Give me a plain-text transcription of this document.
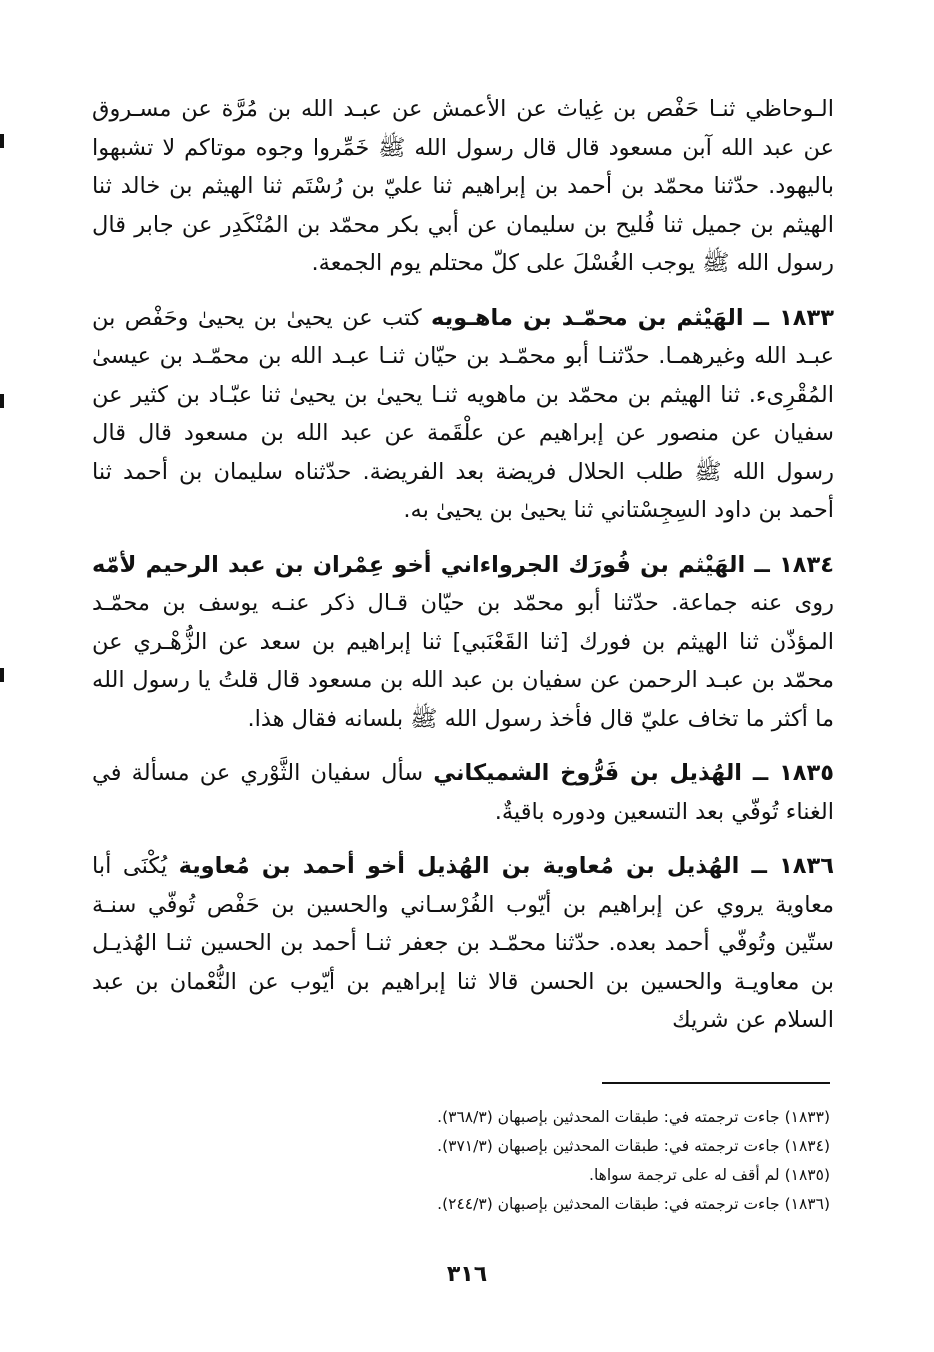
الـوحاظي ثنـا حَفْص بن غِياث عن الأعمش عن عبـد الله بن مُرَّة عن مسـروق عن عبد الله آبن مسعود قال قال رسول الله ﷺ خَمِّروا وجوه موتاكم لا تشبهوا باليهود. حدّثنا محمّد بن أحمد بن إبراهيم ثنا عليّ بن رُسْتَم ثنا الهيثم بن خالد ثنا الهيثم بن جميل ثنا فُليح بن سليمان عن أبي بكر محمّد بن المُنْكَدِر عن جابر قال رسول الله ﷺ يوجب الغُسْلَ على كلّ محتلم يوم الجمعة.

١٨٣٣ ــ الهَيْثم بن محمّـد بن ماهـويه كتب عن يحيىٰ بن يحيىٰ وحَفْص بن عبـد الله وغيرهمـا. حدّثنـا أبو محمّـد بن حيّان ثنـا عبـد الله بن محمّـد بن عيسىٰ المُقْرِىء. ثنا الهيثم بن محمّد بن ماهويه ثنـا يحيىٰ بن يحيىٰ ثنا عبّـاد بن كثير عن سفيان عن منصور عن إبراهيم عن علْقَمة عن عبد الله بن مسعود قال قال رسول الله ﷺ طلب الحلال فريضة بعد الفريضة. حدّثناه سليمان بن أحمد ثنا أحمد بن داود السِجِسْتاني ثنا يحيىٰ بن يحيىٰ به.

١٨٣٤ ــ الهَيْثم بن فُورَك الجرواءاني أخو عِمْران بن عبد الرحيم لأمّه روى عنه جماعة. حدّثنا أبو محمّد بن حيّان قـال ذكر عنـه يوسف بن محمّـد المؤذّن ثنا الهيثم بن فورك [ثنا القَعْنَبي] ثنا إبراهيم بن سعد عن الزُّهْـري عن محمّد بن عبـد الرحمن عن سفيان بن عبد الله بن مسعود قال قلتُ يا رسول الله ما أكثر ما تخاف عليّ قال فأخذ رسول الله ﷺ بلسانه فقال هذا.

١٨٣٥ ــ الهُذيل بن فَرُّوخ الشميكاني سأل سفيان الثَّوْري عن مسألة في الغناء تُوفّي بعد التسعين ودوره باقيةٌ.

١٨٣٦ ــ الهُذيل بن مُعاوية بن الهُذيل أخو أحمد بن مُعاوية يُكْنَى أبا معاوية يروي عن إبراهيم بن أيّوب الفُرْسـاني والحسين بن حَفْص تُوفّي سنـة ستّين وتُوفّي أحمد بعده. حدّثنا محمّـد بن جعفر ثنـا أحمد بن الحسين ثنـا الهُذيـل بن معاويـة والحسين بن الحسن قالا ثنا إبراهيم بن أيّوب عن النُّعْمان بن عبد السلام عن شريك

(١٨٣٣) جاءت ترجمته في: طبقات المحدثين بإصبهان (٣٦٨/٣).

(١٨٣٤) جاءت ترجمته في: طبقات المحدثين بإصبهان (٣٧١/٣).

(١٨٣٥) لم أقف له على ترجمة سواها.

(١٨٣٦) جاءت ترجمته في: طبقات المحدثين بإصبهان (٢٤٤/٣).

٣١٦
